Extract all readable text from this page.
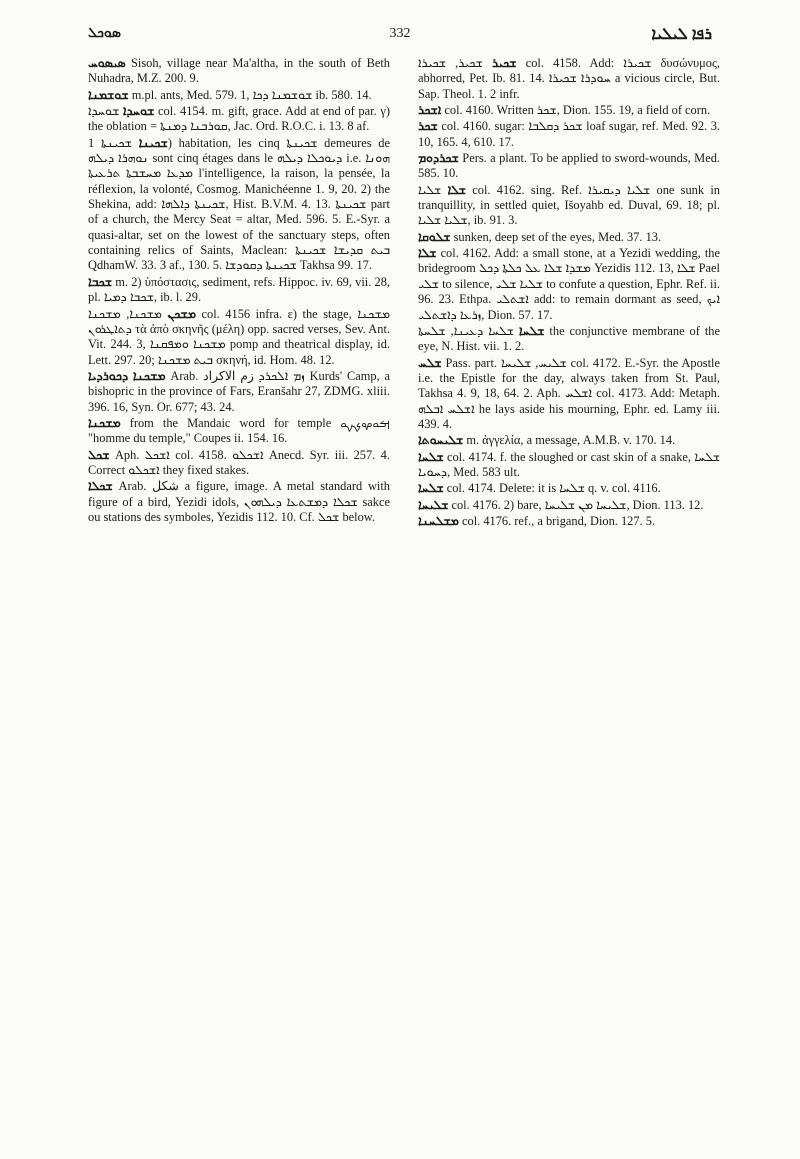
ܣܘܟܠ	332	ܪܦܐ ܠܝܠܝܐ

ܣܝܣܘܚ Sisoh, village near Ma'altha, in the south of Beth Nuhadra, M.Z. 200. 9.

ܫܘܫܡܢܐ m.pl. ants, Med. 579. 1, ܫܘܫܡܢܐ ܕܟܐ ib. 580. 14.

ܫܘܚܕܐ ܫܘܚܕܐ col. 4154. m. gift, grace. Add at end of par. γ) the oblation = ܩܘܪܒܢܐ ܕܡܢܬܐ, Jac. Ord. R.O.C. i. 13. 8 af.

ܫܟܝܢܐ ܫܟܝܢܬܐ 1) habitation, les cinq ܫܟܝܢܬܐ demeures de ܢܘܗܪܐ ܕܝܠܗ sont cinq étages dans le ܕܝܘܟܠܐ ܕܝܠܗ i.e. ܗܘܢܐ ܡܕܥܐ ܡܚܫܒܬܐ ܬܪܥܝܬܐ l'intelligence, la raison, la pensée, la réflexion, la volonté, Cosmog. Manichéenne 1. 9, 20. 2) the Shekina, add: ܫܟܝܢܬܐ ܕܐܠܗܐ, Hist. B.V.M. 4. 13. ܫܟܝܢܬܐ part of a church, the Mercy Seat = altar, Med. 596. 5. E.-Syr. a quasi-altar, set on the lowest of the sanctuary steps, often containing relics of Saints, Maclean: ܒܝܬ ܩܕܝܫܐ ܫܟܝܢܬܐ QdhamW. 33. 3 af., 130. 5. ܫܟܝܢܬܐ ܕܩܘܕܫܐ Takhsa 99. 17.

ܫܟܒܐ m. 2) ὑπόστασις, sediment, refs. Hippoc. iv. 69, vii. 28, pl. ܫܟܒܐ ܕܡܝܐ, ib. l. 29.

ܡܫܟܢ ܡܫܟܢܐ, ܡܫܟܢܐ col. 4156 infra. ε) the stage, ܡܫܟܢܐ ܕܬܐܛܪܘܢ τὰ ἀπὸ σκηνῆς (μέλη) opp. sacred verses, Sev. Ant. Vit. 244. 3, ܡܫܟܢܐ ܘܡܦܩܢܐ pomp and theatrical display, id. Lett. 297. 20; ܒܝܬ ܡܫܟܢܐ σκηνή, id. Hom. 48. 12.

ܡܫܟܢܐ ܕܟܘܪܕܝܐ Arab. ܙܡ ܐܠܟܪܕ زم الاكراد Kurds' Camp, a bishopric in the province of Fars, Eranšahr 27, ZDMG. xliii. 396. 16, Syn. Or. 677; 43. 24.

ܡܫܟܢܐ from the Mandaic word for temple ࡌࡀࡔࡊࡍࡀ "homme du temple," Coupes ii. 154. 16.

ܫܟܠ Aph. ܐܫܟܠ col. 4158. ܐܫܟܠܘ Anecd. Syr. iii. 257. 4. Correct ܐܫܟܠܘ they fixed stakes.

ܫܟܠܐ Arab. شكل a figure, image. A metal standard with figure of a bird, Yezidi idols, ܫܟܠܐ ܕܡܫܬܥܐ ܕܝܠܗܘܢ sakce ou stations des symboles, Yezidis 112. 10. Cf. ܫܟܠ below.

ܫܟܝܪ ܫܟܝܪ, ܫܟܝܪܐ col. 4158. Add: ܫܟܝܪܐ δυσώνυμος, abhorred, Pet. Ib. 81. 14. ܚܘܕܪܐ ܫܟܝܪܐ a vicious circle, But. Sap. Theol. 1. 2 infr.

ܐܫܟܪ col. 4160. Written ܫܟܪ, Dion. 155. 19, a field of corn.

ܫܟܪ col. 4160. sugar: ܫܟܪ ܕܩܠܒܐ loaf sugar, ref. Med. 92. 3. 10, 165. 4, 610. 17.

ܫܟܪܕܘܡ Pers. a plant. To be applied to sword-wounds, Med. 585. 10.

ܫܠܐ ܫܠܝܐ col. 4162. sing. Ref. ܫܠܝܐ ܕܝܩܝܪܐ one sunk in tranquillity, in settled quiet, Išoyahb ed. Duval, 69. 18; pl. ܫܠܝܐ ܫܠܝܐ, ib. 91. 3.

ܫܠܘܩܐ sunken, deep set of the eyes, Med. 37. 13.

ܫܠܐ col. 4162. Add: a small stone, at a Yezidi wedding, the bridegroom ܡܫܕܐ ܫܠܐ ܥܠ ܟܠܬܐ ܕܟܠ Yezidis 112. 13, ܫܠܐ Pael ܫܠܝ to silence, ܫܠܝܐ ܫܠܝ to confute a question, Ephr. Ref. ii. 96. 23. Ethpa. ܐܫܬܠܝ add: to remain dormant as seed, ܐܝܟ ܙܪܥܐ ܕܐܫܬܠܝ, Dion. 57. 17.

ܫܠܚܐ ܫܠܚܐ ܕܥܝܢܐ, ܫܠܚܬܐ the conjunctive membrane of the eye, N. Hist. vii. 1. 2.

ܫܠܚ Pass. part. ܫܠܝܚ, ܫܠܝܚܐ col. 4172. E.-Syr. the Apostle i.e. the Epistle for the day, always taken from St. Paul, Takhsa 4. 9, 18, 64. 2. Aph. ܐܫܠܚ col. 4173. Add: Metaph. ܐܫܠܚ ܐܒܠܗ he lays aside his mourning, Ephr. ed. Lamy iii. 439. 4.

ܫܠܝܚܘܬܐ m. ἀγγελία, a message, A.M.B. v. 170. 14.

ܫܠܚܐ col. 4174. f. the sloughed or cast skin of a snake, ܫܠܚܐ ܕܚܘܝܐ, Med. 583 ult.

ܫܠܚܐ col. 4174. Delete: it is ܫܠܚܐ q. v. col. 4116.

ܫܠܝܚܐ col. 4176. 2) bare, ܫܠܝܚܐ ܡܢ ܫܠܝܚܐ, Dion. 113. 12.

ܡܫܠܚܢܐ col. 4176. ref., a brigand, Dion. 127. 5.
